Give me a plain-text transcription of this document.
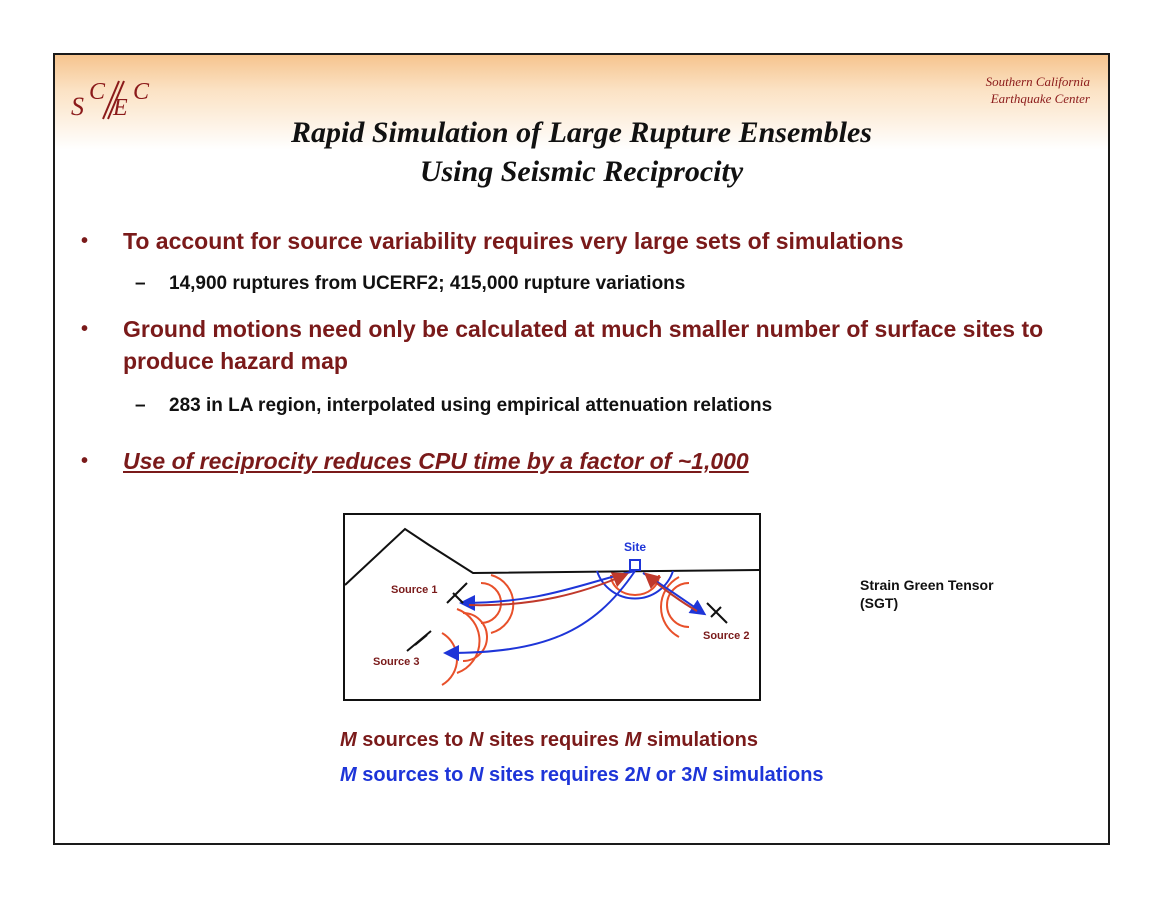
S C
E
C	Southern California
Earthquake Center
Rapid Simulation of Large Rupture Ensembles
Using Seismic Reciprocity
• To account for source variability requires very large sets of simulations
– 14,900 ruptures from UCERF2; 415,000 rupture variations
• Ground motions need only be calculated at much smaller number of surface sites to produce hazard map
– 283 in LA region, interpolated using empirical attenuation relations
• Use of reciprocity reduces CPU time by a factor of ~1,000
Site
Source 1
Source 2
Source 3
Strain Green Tensor
(SGT)
M sources to N sites requires M simulations
M sources to N sites requires 2N or 3N simulations
